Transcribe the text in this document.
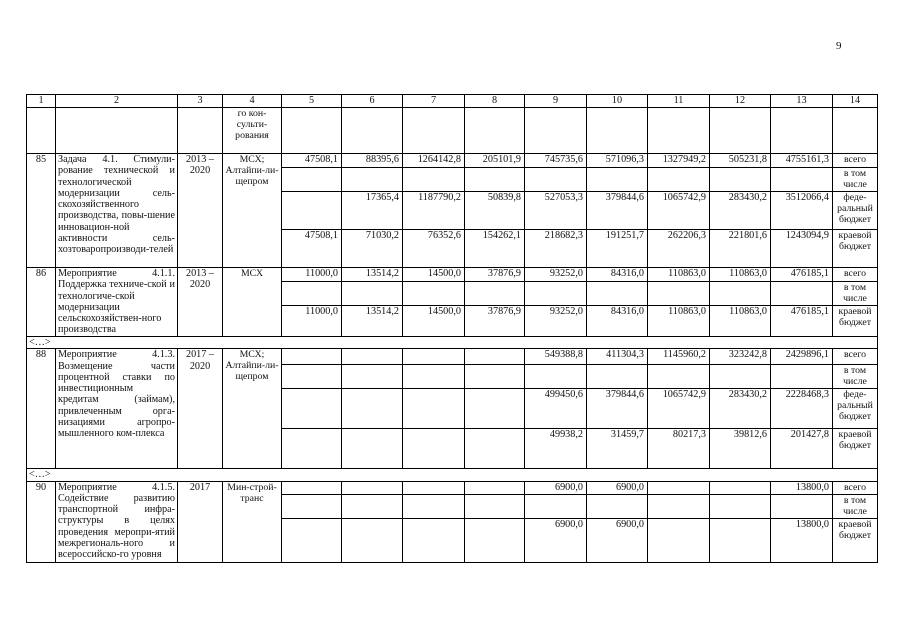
9
1	2	3	4	5	6	7	8	9	10	11	12	13	14
			го кон-сульти-рования										
85	Задача 4.1. Стимули-рование технической и технологической модернизации сель-скохозяйственного производства, повы-шение инновацион-ной активности сель-хозтоваропроизводи-телей	2013 – 2020	МСХ; Алтайпи-ли-щепром	47508,1	88395,6	1264142,8	205101,9	745735,6	571096,3	1327949,2	505231,8	4755161,3	всего
													в том числе
					17365,4	1187790,2	50839,8	527053,3	379844,6	1065742,9	283430,2	3512066,4	феде-ральный бюджет
				47508,1	71030,2	76352,6	154262,1	218682,3	191251,7	262206,3	221801,6	1243094,9	краевой бюджет
86	Мероприятие 4.1.1. Поддержка техниче-ской и технологиче-ской модернизации сельскохозяйствен-ного производства	2013 – 2020	МСХ	11000,0	13514,2	14500,0	37876,9	93252,0	84316,0	110863,0	110863,0	476185,1	всего
													в том числе
				11000,0	13514,2	14500,0	37876,9	93252,0	84316,0	110863,0	110863,0	476185,1	краевой бюджет
<…>													
88	Мероприятие 4.1.3. Возмещение части процентной ставки по инвестиционным кредитам (займам), привлеченным орга-низациями агропро-мышленного ком-плекса	2017 – 2020	МСХ; Алтайпи-ли-щепром					549388,8	411304,3	1145960,2	323242,8	2429896,1	всего
													в том числе
								499450,6	379844,6	1065742,9	283430,2	2228468,3	феде-ральный бюджет
								49938,2	31459,7	80217,3	39812,6	201427,8	краевой бюджет
<…>													
90	Мероприятие 4.1.5. Содействие развитию транспортной инфра-структуры в целях проведения меропри-ятий межрегиональ-ного и всероссийско-го уровня	2017	Мин-строй-транс					6900,0	6900,0			13800,0	всего
													в том числе
								6900,0	6900,0			13800,0	краевой бюджет
